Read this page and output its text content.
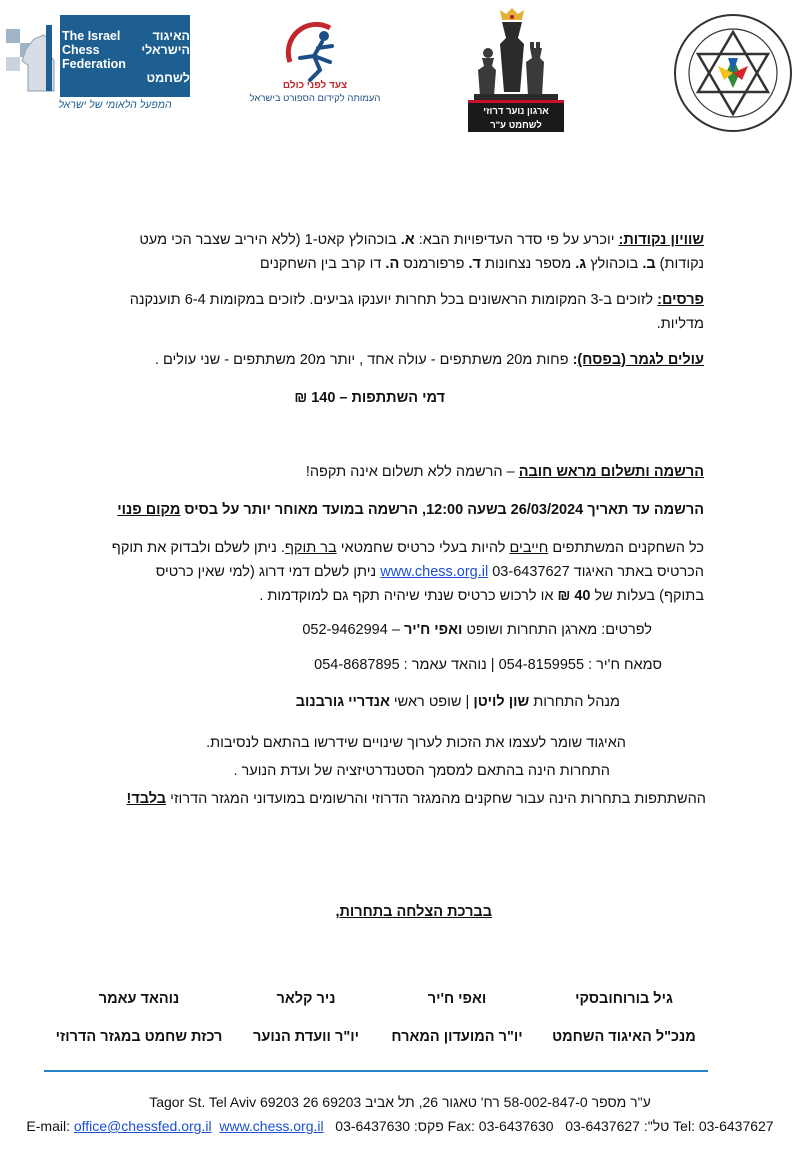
The Israel	האיגוד
Chess	הישראלי
Federation
לשחמט
המפעל הלאומי של ישראל
צעד לפני כולם
העמותה לקידום הספורט בישראל
ארגון נוער דרוזי
לשחמט ע"ר
שוויון נקודות: יוכרע על פי סדר העדיפויות הבא: א. בוכהולץ קאט-1 (ללא היריב שצבר הכי מעט
נקודות) ב. בוכהולץ ג. מספר נצחונות ד. פרפורמנס ה. דו קרב בין השחקנים
פרסים: לזוכים ב-3 המקומות הראשונים בכל תחרות יוענקו גביעים. לזוכים במקומות 6-4 תוענקנה
מדליות.
עולים לגמר (בפסח): פחות מ20 משתתפים - עולה אחד , יותר מ20 משתתפים - שני עולים .
דמי השתתפות – 140 ₪
הרשמה ותשלום מראש חובה – הרשמה ללא תשלום אינה תקפה!
הרשמה עד תאריך 26/03/2024 בשעה 12:00, הרשמה במועד מאוחר יותר על בסיס מקום פנוי
כל השחקנים המשתתפים חייבים להיות בעלי כרטיס שחמטאי בר תוקף. ניתן לשלם ולבדוק את תוקף
הכרטיס באתר האיגוד www.chess.org.il 03-6437627 ניתן לשלם דמי דרוג (למי שאין כרטיס
בתוקף) בעלות של 40 ₪ או לרכוש כרטיס שנתי שיהיה תקף גם למוקדמות .
לפרטים: מארגן התחרות ושופט ואפי ח'יר – 052-9462994
סמאח ח'יר : 054-8159955 | נוהאד עאמר : 054-8687895
מנהל התחרות שון לויטן | שופט ראשי אנדריי גורבנוב
האיגוד שומר לעצמו את הזכות לערוך שינויים שידרשו בהתאם לנסיבות.
התחרות הינה בהתאם למסמך הסטנדרטיזציה של ועדת הנוער .
ההשתתפות בתחרות הינה עבור שחקנים מהמגזר הדרוזי והרשומים במועדוני המגזר הדרוזי בלבד!
בברכת הצלחה בתחרות,
גיל בורוחובסקי
מנכ"ל האיגוד השחמט
ואפי ח'יר
יו"ר המועדון המארח
ניר קלאר
יו"ר וועדת הנוער
נוהאד עאמר
רכזת שחמט במגזר הדרוזי
ע"ר מספר 58-002-847-0 רח' טאגור 26, תל אביב 69203 26 Tagor St. Tel Aviv 69203
E-mail: office@chessfed.org.il www.chess.org.il פקס: 03-6437630 Fax: 03-6437630 טל": 03-6437627 Tel: 03-6437627
